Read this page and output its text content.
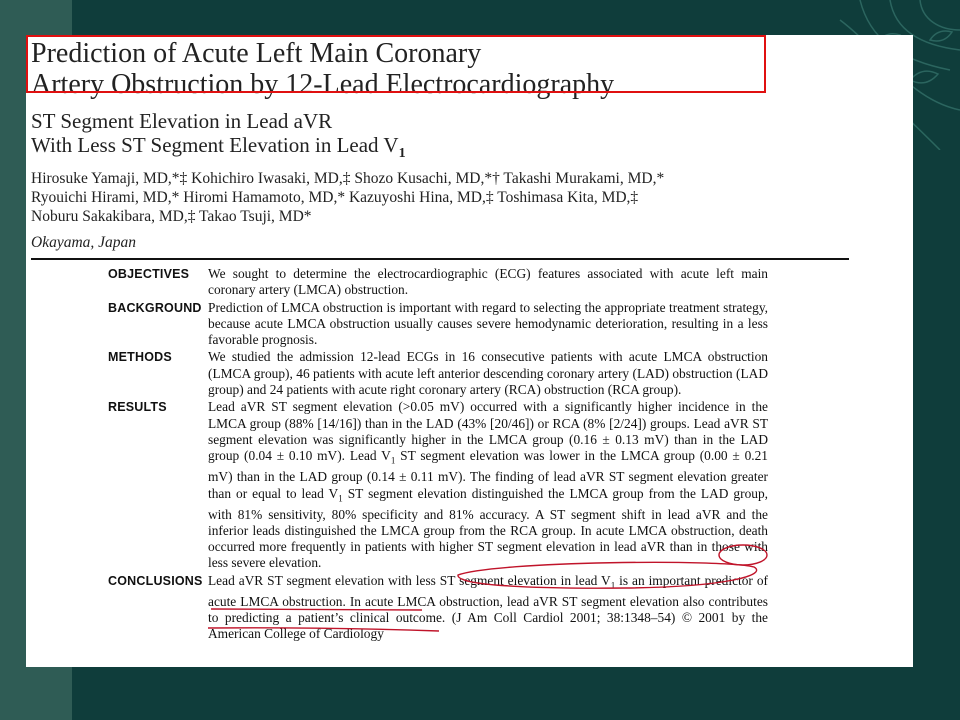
Prediction of Acute Left Main Coronary
Artery Obstruction by 12-Lead Electrocardiography
ST Segment Elevation in Lead aVR
With Less ST Segment Elevation in Lead $V_1$
Hirosuke Yamaji, MD,*‡ Kohichiro Iwasaki, MD,‡ Shozo Kusachi, MD,*† Takashi Murakami, MD,*
Ryouichi Hirami, MD,* Hiromi Hamamoto, MD,* Kazuyoshi Hina, MD,‡ Toshimasa Kita, MD,‡
Noburu Sakakibara, MD,‡ Takao Tsuji, MD*
Okayama, Japan
OBJECTIVES	We sought to determine the electrocardiographic (ECG) features associated with acute left main coronary artery (LMCA) obstruction.
BACKGROUND Prediction of LMCA obstruction is important with regard to selecting the appropriate treatment strategy, because acute LMCA obstruction usually causes severe hemodynamic deterioration, resulting in a less favorable prognosis.
METHODS	We studied the admission 12-lead ECGs in 16 consecutive patients with acute LMCA obstruction (LMCA group), 46 patients with acute left anterior descending coronary artery (LAD) obstruction (LAD group) and 24 patients with acute right coronary artery (RCA) obstruction (RCA group).
RESULTS	Lead aVR ST segment elevation (>0.05 mV) occurred with a significantly higher incidence in the LMCA group (88% [14/16]) than in the LAD (43% [20/46]) or RCA (8% [2/24]) groups. Lead aVR ST segment elevation was significantly higher in the LMCA group (0.16 ± 0.13 mV) than in the LAD group (0.04 ± 0.10 mV). Lead $V_1$ ST segment elevation was lower in the LMCA group (0.00 ± 0.21 mV) than in the LAD group (0.14 ± 0.11 mV). The finding of lead aVR ST segment elevation greater than or equal to lead $V_1$ ST segment elevation distinguished the LMCA group from the LAD group, with 81% sensitivity, 80% specificity and 81% accuracy. A ST segment shift in lead aVR and the inferior leads distinguished the LMCA group from the RCA group. In acute LMCA obstruction, death occurred more frequently in patients with higher ST segment elevation in lead aVR than in those with less severe elevation.
CONCLUSIONS Lead aVR ST segment elevation with less ST segment elevation in lead $V_1$ is an important predictor of acute LMCA obstruction. In acute LMCA obstruction, lead aVR ST segment elevation also contributes to predicting a patient’s clinical outcome. (J Am Coll Cardiol 2001; 38:1348–54) © 2001 by the American College of Cardiology
